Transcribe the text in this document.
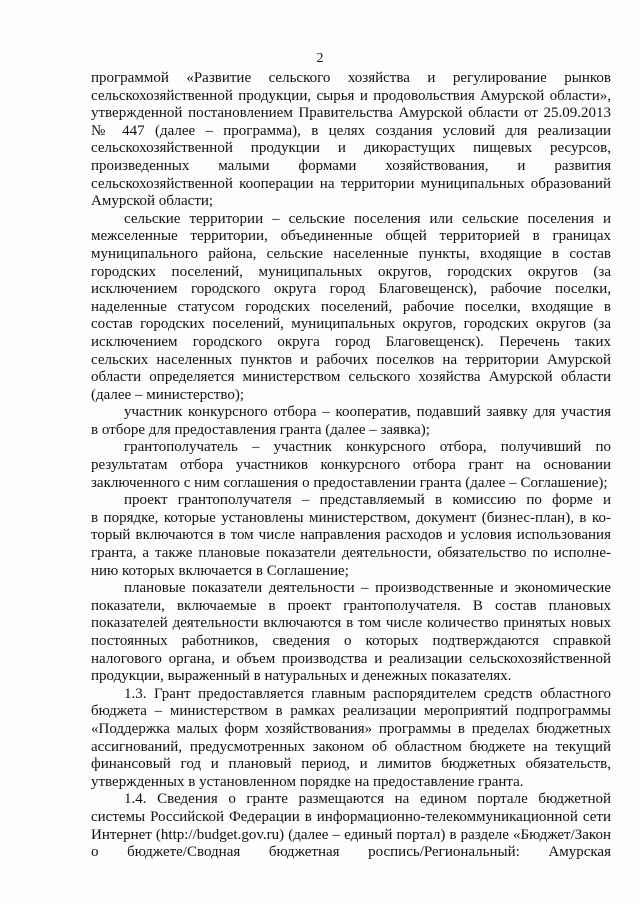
2
программой «Развитие сельского хозяйства и регулирование рынков
сельскохозяйственной продукции, сырья и продовольствия Амурской области»,
утвержденной постановлением Правительства Амурской области от 25.09.2013
№ 447 (далее – программа), в целях создания условий для реализации
сельскохозяйственной продукции и дикорастущих пищевых ресурсов,
произведенных малыми формами хозяйствования, и развития
сельскохозяйственной кооперации на территории муниципальных образований
Амурской области;
сельские территории – сельские поселения или сельские поселения и
межселенные территории, объединенные общей территорией в границах
муниципального района, сельские населенные пункты, входящие в состав
городских поселений, муниципальных округов, городских округов (за
исключением городского округа город Благовещенск), рабочие поселки,
наделенные статусом городских поселений, рабочие поселки, входящие в
состав городских поселений, муниципальных округов, городских округов (за
исключением городского округа город Благовещенск). Перечень таких
сельских населенных пунктов и рабочих поселков на территории Амурской
области определяется министерством сельского хозяйства Амурской области
(далее – министерство);
участник конкурсного отбора – кооператив, подавший заявку для участия
в отборе для предоставления гранта (далее – заявка);
грантополучатель – участник конкурсного отбора, получивший по
результатам отбора участников конкурсного отбора грант на основании
заключенного с ним соглашения о предоставлении гранта (далее – Соглашение);
проект грантополучателя – представляемый в комиссию по форме и
в порядке, которые установлены министерством, документ (бизнес-план), в ко-
торый включаются в том числе направления расходов и условия использования
гранта, а также плановые показатели деятельности, обязательство по исполне-
нию которых включается в Соглашение;
плановые показатели деятельности – производственные и экономические
показатели, включаемые в проект грантополучателя. В состав плановых
показателей деятельности включаются в том числе количество принятых новых
постоянных работников, сведения о которых подтверждаются справкой
налогового органа, и объем производства и реализации сельскохозяйственной
продукции, выраженный в натуральных и денежных показателях.
1.3. Грант предоставляется главным распорядителем средств областного
бюджета – министерством в рамках реализации мероприятий подпрограммы
«Поддержка малых форм хозяйствования» программы в пределах бюджетных
ассигнований, предусмотренных законом об областном бюджете на текущий
финансовый год и плановый период, и лимитов бюджетных обязательств,
утвержденных в установленном порядке на предоставление гранта.
1.4. Сведения о гранте размещаются на едином портале бюджетной
системы Российской Федерации в информационно-телекоммуникационной сети
Интернет (http://budget.gov.ru) (далее – единый портал) в разделе «Бюджет/Закон
о бюджете/Сводная бюджетная роспись/Региональный: Амурская
